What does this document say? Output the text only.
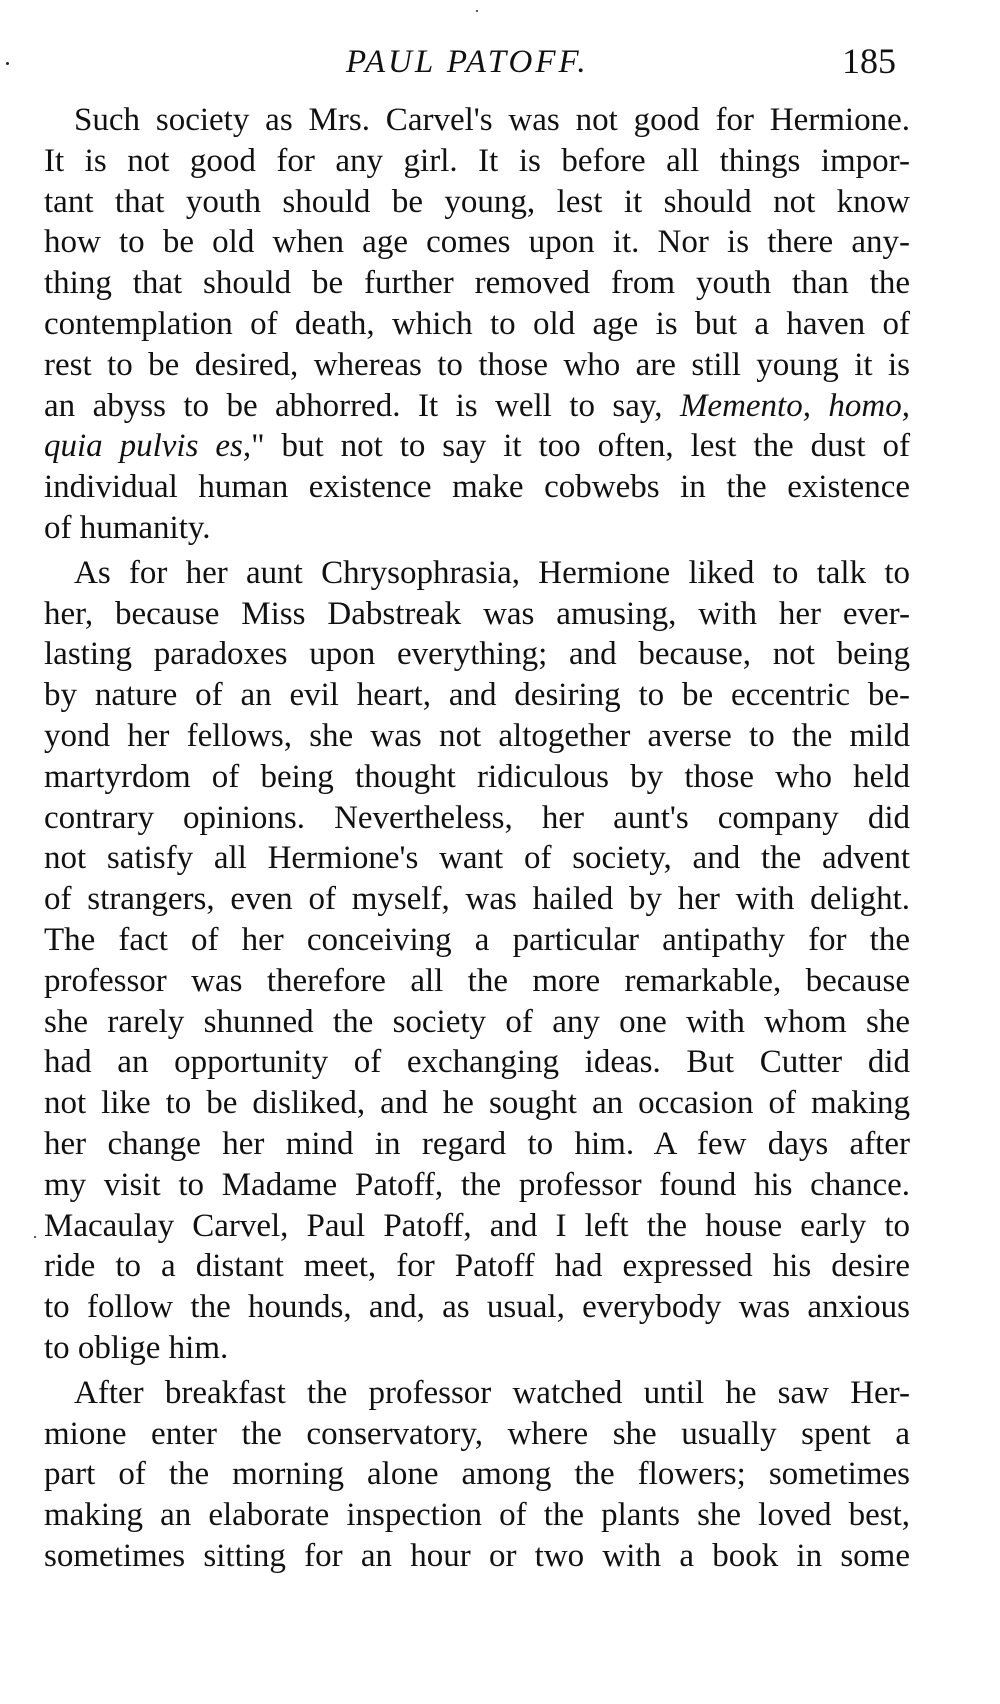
PAUL PATOFF.	185
Such society as Mrs. Carvel's was not good for Hermione.
It is not good for any girl. It is before all things impor-
tant that youth should be young, lest it should not know
how to be old when age comes upon it. Nor is there any-
thing that should be further removed from youth than the
contemplation of death, which to old age is but a haven of
rest to be desired, whereas to those who are still young it is
an abyss to be abhorred. It is well to say, Memento, homo,
quia pulvis es," but not to say it too often, lest the dust of
individual human existence make cobwebs in the existence
of humanity.
As for her aunt Chrysophrasia, Hermione liked to talk to
her, because Miss Dabstreak was amusing, with her ever-
lasting paradoxes upon everything; and because, not being
by nature of an evil heart, and desiring to be eccentric be-
yond her fellows, she was not altogether averse to the mild
martyrdom of being thought ridiculous by those who held
contrary opinions. Nevertheless, her aunt's company did
not satisfy all Hermione's want of society, and the advent
of strangers, even of myself, was hailed by her with delight.
The fact of her conceiving a particular antipathy for the
professor was therefore all the more remarkable, because
she rarely shunned the society of any one with whom she
had an opportunity of exchanging ideas. But Cutter did
not like to be disliked, and he sought an occasion of making
her change her mind in regard to him. A few days after
my visit to Madame Patoff, the professor found his chance.
Macaulay Carvel, Paul Patoff, and I left the house early to
ride to a distant meet, for Patoff had expressed his desire
to follow the hounds, and, as usual, everybody was anxious
to oblige him.
After breakfast the professor watched until he saw Her-
mione enter the conservatory, where she usually spent a
part of the morning alone among the flowers; sometimes
making an elaborate inspection of the plants she loved best,
sometimes sitting for an hour or two with a book in some
